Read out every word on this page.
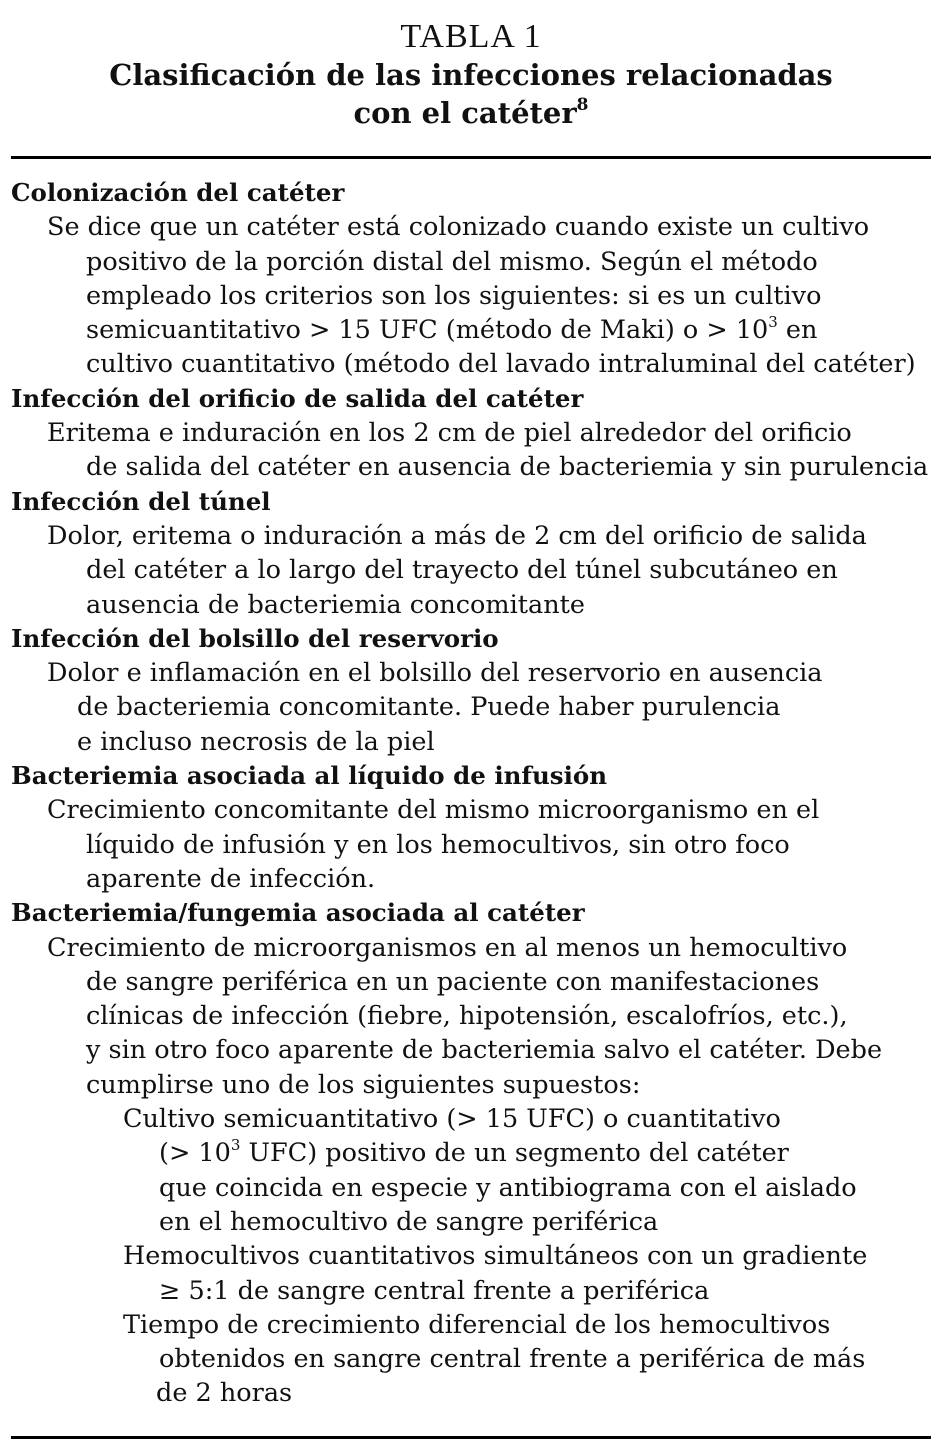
TABLA 1
Clasificación de las infecciones relacionadas
con el catéter$^8$
Colonización del catéter
Se dice que un catéter está colonizado cuando existe un cultivo
positivo de la porción distal del mismo. Según el método
empleado los criterios son los siguientes: si es un cultivo
semicuantitativo > 15 UFC (método de Maki) $o > 10^3$ en
cultivo cuantitativo (método del lavado intraluminal del catéter)
Infección del orificio de salida del catéter
Eritema e induración en los 2 cm de piel alrededor del orificio
de salida del catéter en ausencia de bacteriemia y sin purulencia
Infección del túnel
Dolor, eritema o induración a más de 2 cm del orificio de salida
del catéter a lo largo del trayecto del túnel subcutáneo en
ausencia de bacteriemia concomitante
Infección del bolsillo del reservorio
Dolor e inflamación en el bolsillo del reservorio en ausencia
de bacteriemia concomitante. Puede haber purulencia
e incluso necrosis de la piel
Bacteriemia asociada al líquido de infusión
Crecimiento concomitante del mismo microorganismo en el
líquido de infusión y en los hemocultivos, sin otro foco
aparente de infección.
Bacteriemia/fungemia asociada al catéter
Crecimiento de microorganismos en al menos un hemocultivo
de sangre periférica en un paciente con manifestaciones
clínicas de infección (fiebre, hipotensión, escalofríos, etc.),
y sin otro foco aparente de bacteriemia salvo el catéter. Debe
cumplirse uno de los siguientes supuestos:
Cultivo semicuantitativo (> 15 UFC) o cuantitativo
(> $10^3$ UFC) positivo de un segmento del catéter
que coincida en especie y antibiograma con el aislado
en el hemocultivo de sangre periférica
Hemocultivos cuantitativos simultáneos con un gradiente
≥ 5:1 de sangre central frente a periférica
Tiempo de crecimiento diferencial de los hemocultivos
obtenidos en sangre central frente a periférica de más
de 2 horas
